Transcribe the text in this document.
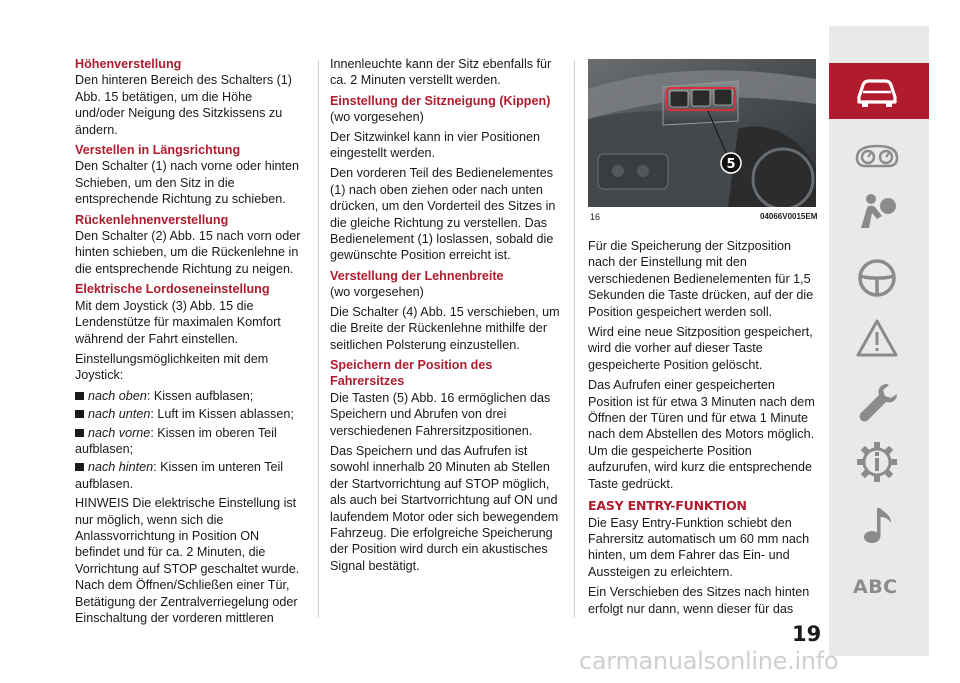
Höhenverstellung

Den hinteren Bereich des Schalters (1) Abb. 15 betätigen, um die Höhe und/oder Neigung des Sitzkissens zu ändern.

Verstellen in Längsrichtung

Den Schalter (1) nach vorne oder hinten Schieben, um den Sitz in die entsprechende Richtung zu schieben.

Rückenlehnenverstellung

Den Schalter (2) Abb. 15 nach vorn oder hinten schieben, um die Rückenlehne in die entsprechende Richtung zu neigen.

Elektrische Lordoseneinstellung

Mit dem Joystick (3) Abb. 15 die Lendenstütze für maximalen Komfort während der Fahrt einstellen.

Einstellungsmöglichkeiten mit dem Joystick:

nach oben: Kissen aufblasen;
nach unten: Luft im Kissen ablassen;
nach vorne: Kissen im oberen Teil aufblasen;
nach hinten: Kissen im unteren Teil aufblasen.

HINWEIS Die elektrische Einstellung ist nur möglich, wenn sich die Anlassvorrichtung in Position ON befindet und für ca. 2 Minuten, die Vorrichtung auf STOP geschaltet wurde. Nach dem Öffnen/Schließen einer Tür, Betätigung der Zentralverriegelung oder Einschaltung der vorderen mittleren

Innenleuchte kann der Sitz ebenfalls für ca. 2 Minuten verstellt werden.

Einstellung der Sitzneigung (Kippen)

(wo vorgesehen)

Der Sitzwinkel kann in vier Positionen eingestellt werden.

Den vorderen Teil des Bedienelementes (1) nach oben ziehen oder nach unten drücken, um den Vorderteil des Sitzes in die gleiche Richtung zu verstellen. Das Bedienelement (1) loslassen, sobald die gewünschte Position erreicht ist.

Verstellung der Lehnenbreite

(wo vorgesehen)

Die Schalter (4) Abb. 15 verschieben, um die Breite der Rückenlehne mithilfe der seitlichen Polsterung einzustellen.

Speichern der Position des Fahrersitzes

Die Tasten (5) Abb. 16 ermöglichen das Speichern und Abrufen von drei verschiedenen Fahrersitzpositionen.

Das Speichern und das Aufrufen ist sowohl innerhalb 20 Minuten ab Stellen der Startvorrichtung auf STOP möglich, als auch bei Startvorrichtung auf ON und laufendem Motor oder sich bewegendem Fahrzeug. Die erfolgreiche Speicherung der Position wird durch ein akustisches Signal bestätigt.

5
16	04066V0015EM

Für die Speicherung der Sitzposition nach der Einstellung mit den verschiedenen Bedienelementen für 1,5 Sekunden die Taste drücken, auf der die Position gespeichert werden soll.

Wird eine neue Sitzposition gespeichert, wird die vorher auf dieser Taste gespeicherte Position gelöscht.

Das Aufrufen einer gespeicherten Position ist für etwa 3 Minuten nach dem Öffnen der Türen und für etwa 1 Minute nach dem Abstellen des Motors möglich. Um die gespeicherte Position aufzurufen, wird kurz die entsprechende Taste gedrückt.

EASY ENTRY-FUNKTION

Die Easy Entry-Funktion schiebt den Fahrersitz automatisch um 60 mm nach hinten, um dem Fahrer das Ein- und Aussteigen zu erleichtern.

Ein Verschieben des Sitzes nach hinten erfolgt nur dann, wenn dieser für das

ABC
19
carmanualsonline.info
